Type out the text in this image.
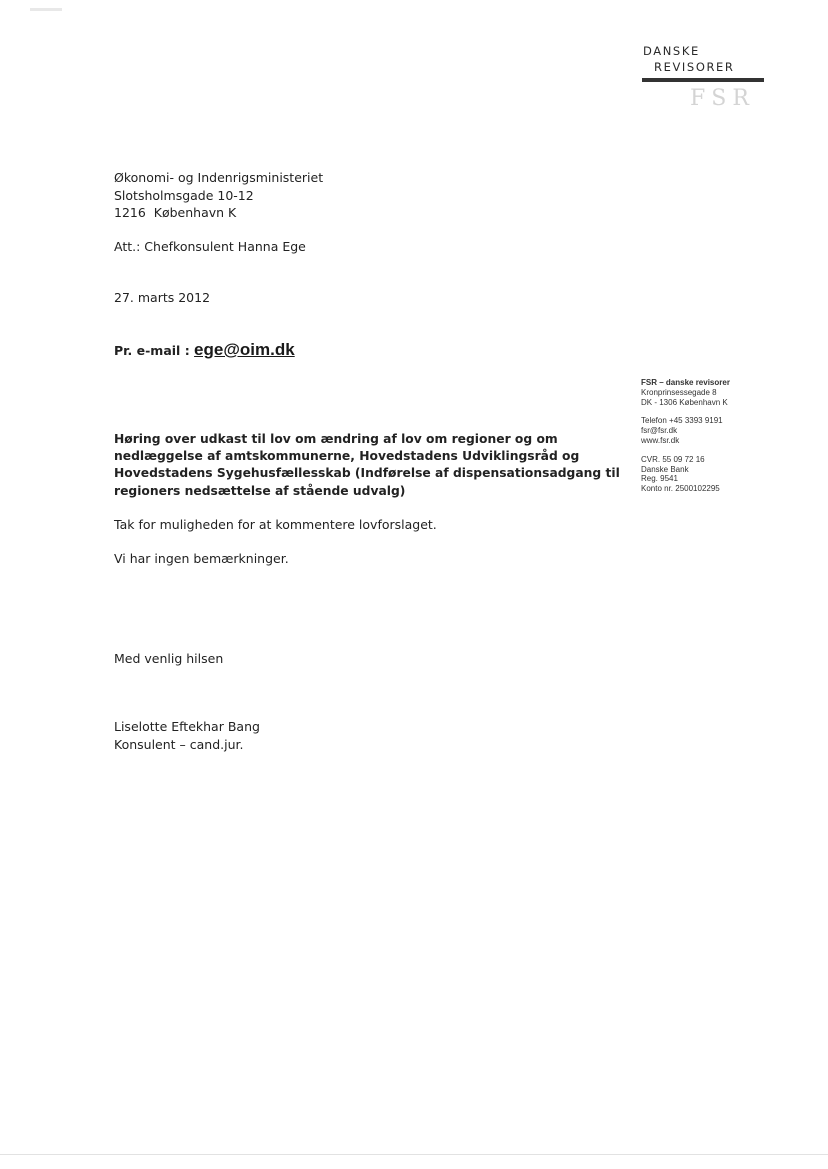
DANSKE
REVISORER
FSR
Økonomi- og Indenrigsministeriet
Slotsholmsgade 10-12
1216  København K
Att.: Chefkonsulent Hanna Ege
27. marts 2012
Pr. e-mail : ege@oim.dk
FSR – danske revisorer
Kronprinsessegade 8
DK - 1306 København K
Telefon +45 3393 9191
fsr@fsr.dk
www.fsr.dk
CVR. 55 09 72 16
Danske Bank
Reg. 9541
Konto nr. 2500102295
Høring over udkast til lov om ændring af lov om regioner og om
nedlæggelse af amtskommunerne, Hovedstadens Udviklingsråd og
Hovedstadens Sygehusfællesskab (Indførelse af dispensationsadgang til
regioners nedsættelse af stående udvalg)
Tak for muligheden for at kommentere lovforslaget.
Vi har ingen bemærkninger.
Med venlig hilsen
Liselotte Eftekhar Bang
Konsulent – cand.jur.
